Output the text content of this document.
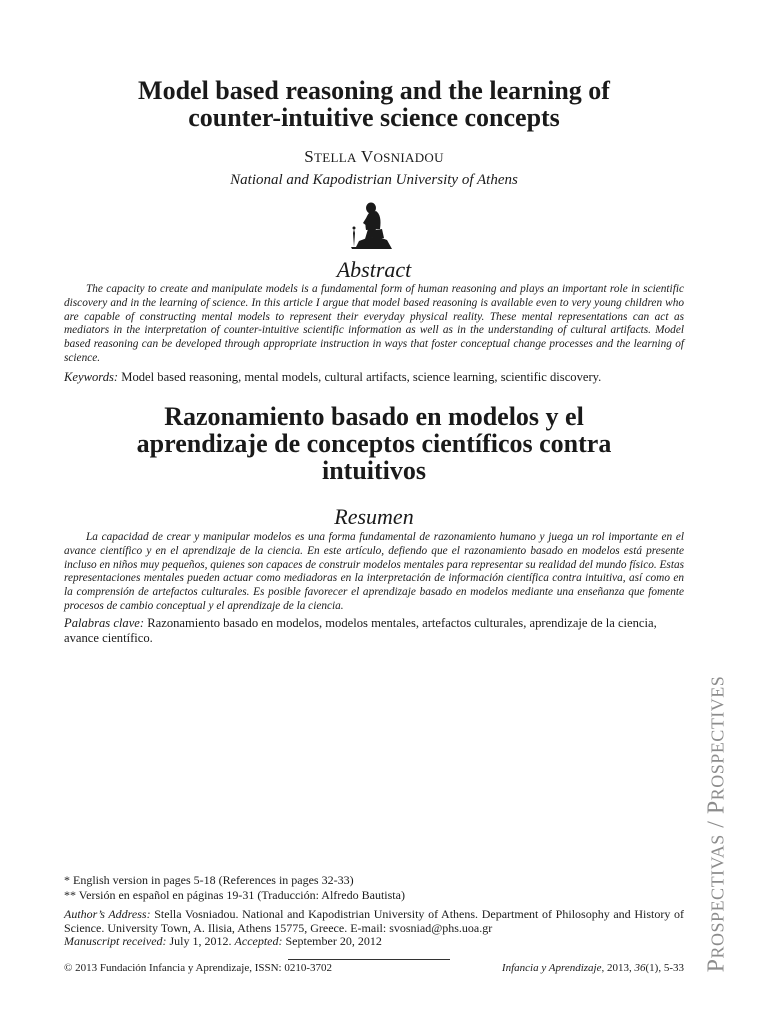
Model based reasoning and the learning of
counter-intuitive science concepts
STELLA VOSNIADOU
National and Kapodistrian University of Athens
Abstract
The capacity to create and manipulate models is a fundamental form of human reasoning and plays an important role in scientific discovery and in the learning of science. In this article I argue that model based reasoning is available even to very young children who are capable of constructing mental models to represent their everyday physical reality. These mental representations can act as mediators in the interpretation of counter-intuitive scientific information as well as in the understanding of cultural artifacts. Model based reasoning can be developed through appropriate instruction in ways that foster conceptual change processes and the learning of science.
Keywords: Model based reasoning, mental models, cultural artifacts, science learning, scientific discovery.
Razonamiento basado en modelos y el
aprendizaje de conceptos científicos contra
intuitivos
Resumen
La capacidad de crear y manipular modelos es una forma fundamental de razonamiento humano y juega un rol importante en el avance científico y en el aprendizaje de la ciencia. En este artículo, defiendo que el razonamiento basado en modelos está presente incluso en niños muy pequeños, quienes son capaces de construir modelos mentales para representar su realidad del mundo físico. Estas representaciones mentales pueden actuar como mediadoras en la interpretación de información científica contra intuitiva, así como en la comprensión de artefactos culturales. Es posible favorecer el aprendizaje basado en modelos mediante una enseñanza que fomente procesos de cambio conceptual y el aprendizaje de la ciencia.
Palabras clave: Razonamiento basado en modelos, modelos mentales, artefactos culturales, aprendizaje de la ciencia, avance científico.
* English version in pages 5-18 (References in pages 32-33)
** Versión en español en páginas 19-31 (Traducción: Alfredo Bautista)
Author’s Address: Stella Vosniadou. National and Kapodistrian University of Athens. Department of Philosophy and History of Science. University Town, A. Ilisia, Athens 15775, Greece. E-mail: svosniad@phs.uoa.gr
Manuscript received: July 1, 2012. Accepted: September 20, 2012
© 2013 Fundación Infancia y Aprendizaje, ISSN: 0210-3702	Infancia y Aprendizaje, 2013, 36(1), 5-33 PROSPECTIVAS / PROSPECTIVES
